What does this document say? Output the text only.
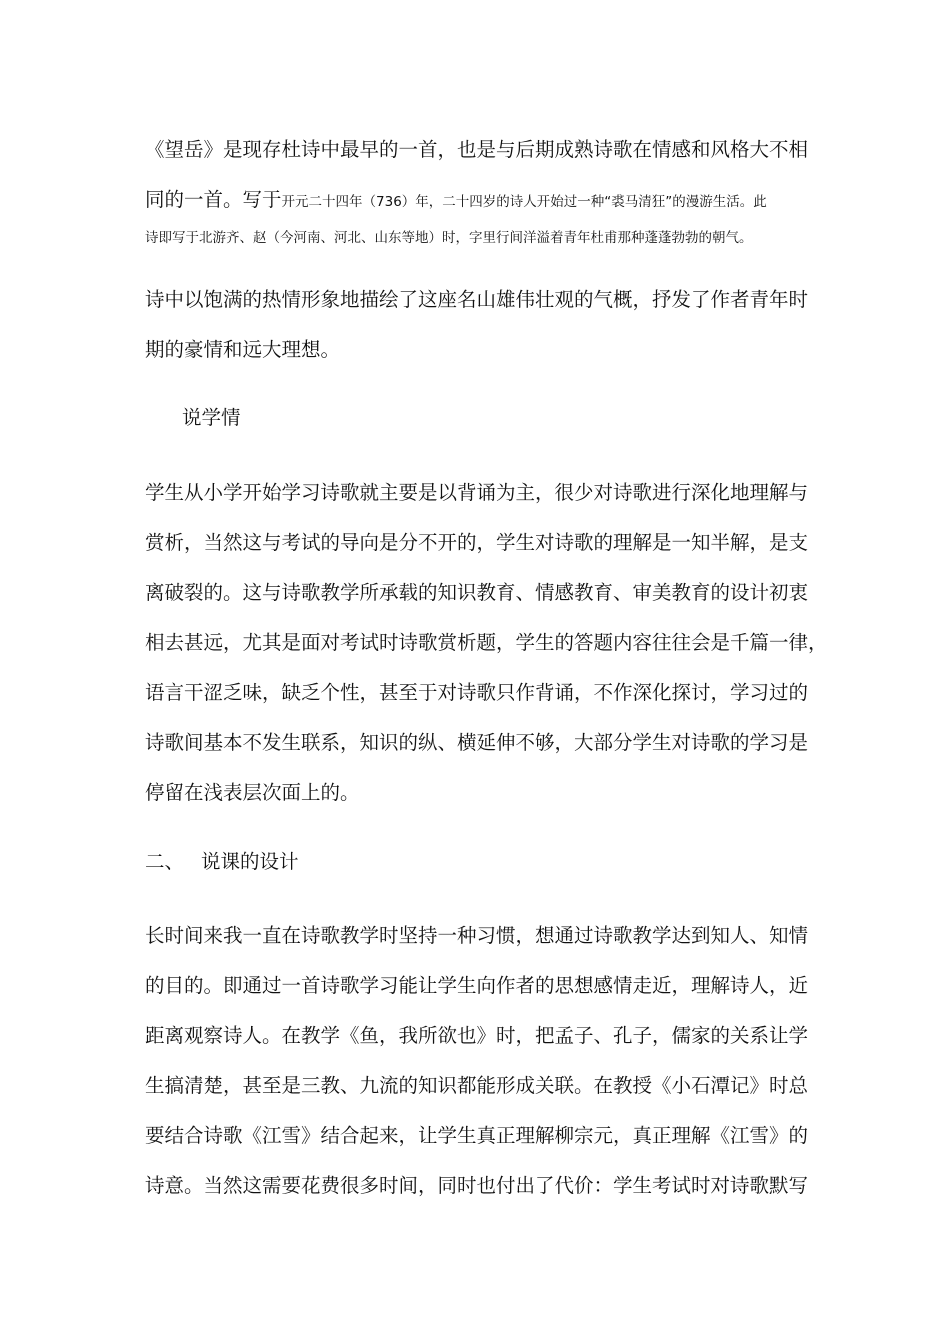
《望岳》是现存杜诗中最早的一首，也是与后期成熟诗歌在情感和风格大不相
同的一首。写于开元二十四年（736）年，二十四岁的诗人开始过一种“裘马清狂”的漫游生活。此
诗即写于北游齐、赵（今河南、河北、山东等地）时，字里行间洋溢着青年杜甫那种蓬蓬勃勃的朝气。
诗中以饱满的热情形象地描绘了这座名山雄伟壮观的气概，抒发了作者青年时
期的豪情和远大理想。
说学情
学生从小学开始学习诗歌就主要是以背诵为主，很少对诗歌进行深化地理解与
赏析，当然这与考试的导向是分不开的，学生对诗歌的理解是一知半解，是支
离破裂的。这与诗歌教学所承载的知识教育、情感教育、审美教育的设计初衷
相去甚远，尤其是面对考试时诗歌赏析题，学生的答题内容往往会是千篇一律，
语言干涩乏味，缺乏个性，甚至于对诗歌只作背诵，不作深化探讨，学习过的
诗歌间基本不发生联系，知识的纵、横延伸不够，大部分学生对诗歌的学习是
停留在浅表层次面上的。
二、 说课的设计
长时间来我一直在诗歌教学时坚持一种习惯，想通过诗歌教学达到知人、知情
的目的。即通过一首诗歌学习能让学生向作者的思想感情走近，理解诗人，近
距离观察诗人。在教学《鱼，我所欲也》时，把孟子、孔子，儒家的关系让学
生搞清楚，甚至是三教、九流的知识都能形成关联。在教授《小石潭记》时总
要结合诗歌《江雪》结合起来，让学生真正理解柳宗元，真正理解《江雪》的
诗意。当然这需要花费很多时间，同时也付出了代价：学生考试时对诗歌默写
